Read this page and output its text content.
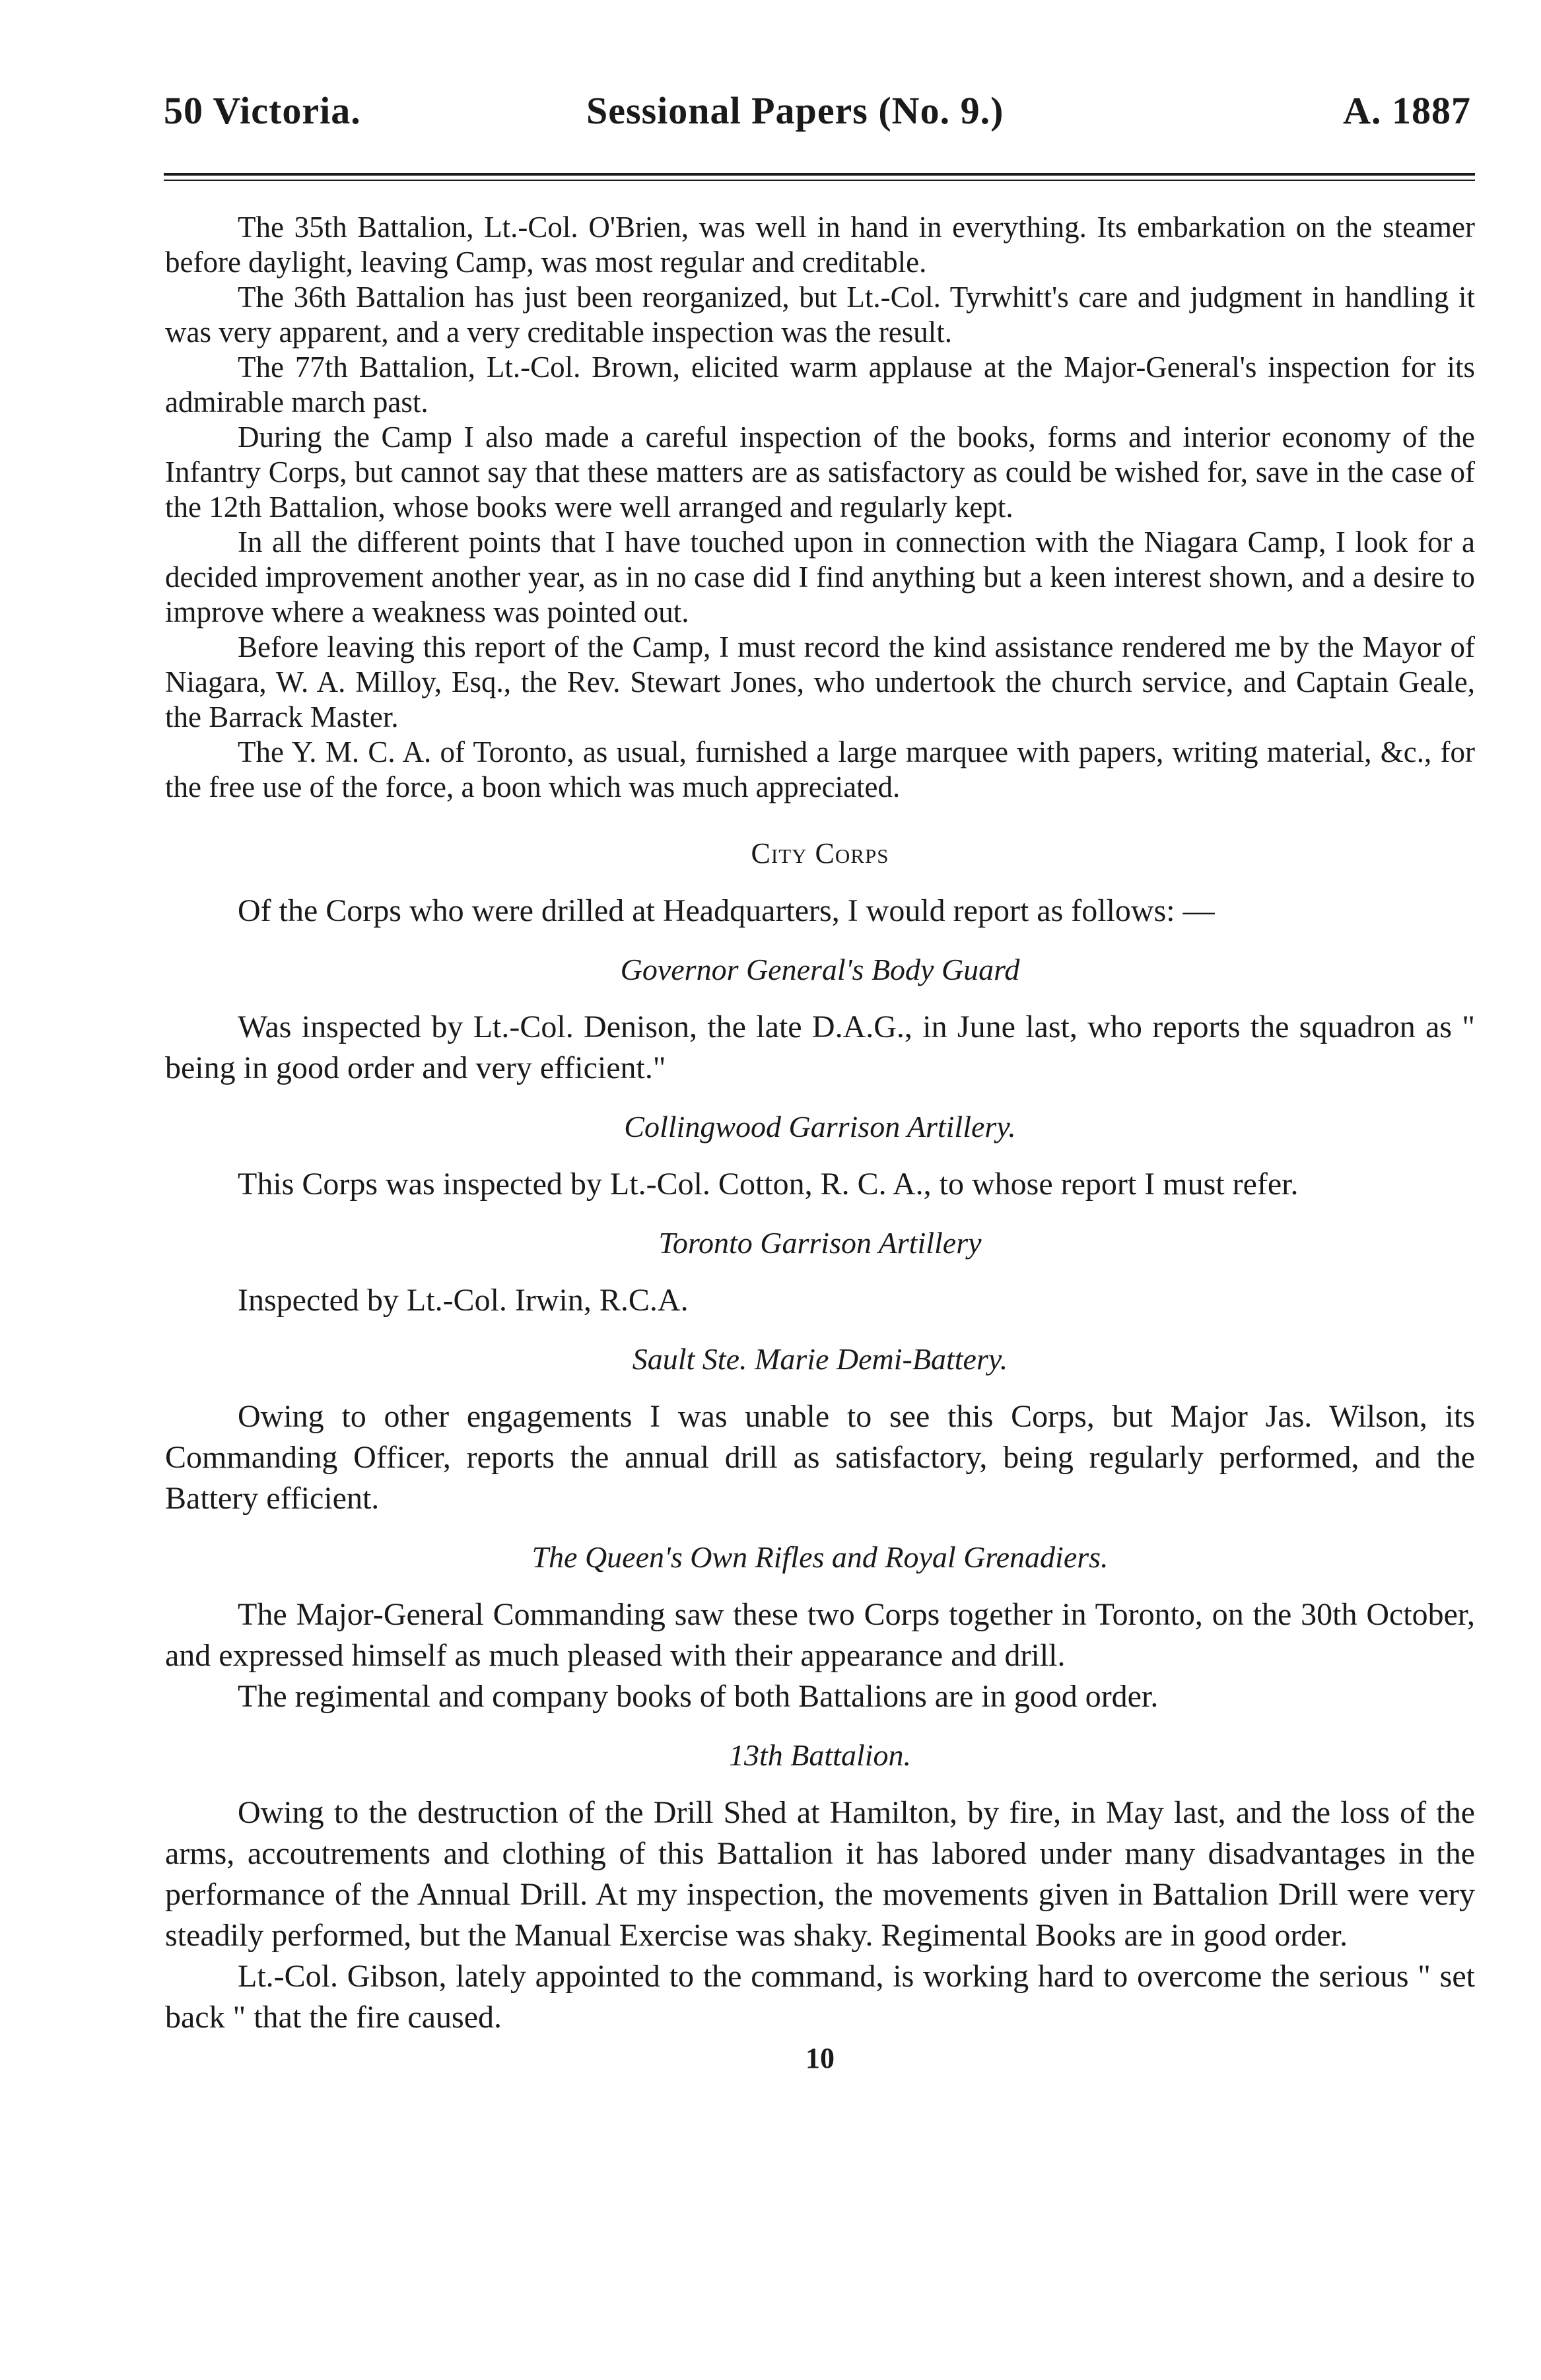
50 Victoria.	Sessional Papers (No. 9.)	A. 1887

The 35th Battalion, Lt.-Col. O'Brien, was well in hand in everything. Its embarkation on the steamer before daylight, leaving Camp, was most regular and creditable.

The 36th Battalion has just been reorganized, but Lt.-Col. Tyrwhitt's care and judgment in handling it was very apparent, and a very creditable inspection was the result.

The 77th Battalion, Lt.-Col. Brown, elicited warm applause at the Major-General's inspection for its admirable march past.

During the Camp I also made a careful inspection of the books, forms and interior economy of the Infantry Corps, but cannot say that these matters are as satisfactory as could be wished for, save in the case of the 12th Battalion, whose books were well arranged and regularly kept.

In all the different points that I have touched upon in connection with the Niagara Camp, I look for a decided improvement another year, as in no case did I find anything but a keen interest shown, and a desire to improve where a weakness was pointed out.

Before leaving this report of the Camp, I must record the kind assistance rendered me by the Mayor of Niagara, W. A. Milloy, Esq., the Rev. Stewart Jones, who undertook the church service, and Captain Geale, the Barrack Master.

The Y. M. C. A. of Toronto, as usual, furnished a large marquee with papers, writing material, &c., for the free use of the force, a boon which was much appreciated.

City Corps

Of the Corps who were drilled at Headquarters, I would report as follows: —

Governor General's Body Guard

Was inspected by Lt.-Col. Denison, the late D.A.G., in June last, who reports the squadron as " being in good order and very efficient."

Collingwood Garrison Artillery.

This Corps was inspected by Lt.-Col. Cotton, R. C. A., to whose report I must refer.

Toronto Garrison Artillery

Inspected by Lt.-Col. Irwin, R.C.A.

Sault Ste. Marie Demi-Battery.

Owing to other engagements I was unable to see this Corps, but Major Jas. Wilson, its Commanding Officer, reports the annual drill as satisfactory, being regularly performed, and the Battery efficient.

The Queen's Own Rifles and Royal Grenadiers.

The Major-General Commanding saw these two Corps together in Toronto, on the 30th October, and expressed himself as much pleased with their appearance and drill.

The regimental and company books of both Battalions are in good order.

13th Battalion.

Owing to the destruction of the Drill Shed at Hamilton, by fire, in May last, and the loss of the arms, accoutrements and clothing of this Battalion it has labored under many disadvantages in the performance of the Annual Drill. At my inspection, the movements given in Battalion Drill were very steadily performed, but the Manual Exercise was shaky. Regimental Books are in good order.

Lt.-Col. Gibson, lately appointed to the command, is working hard to overcome the serious " set back " that the fire caused.

10
